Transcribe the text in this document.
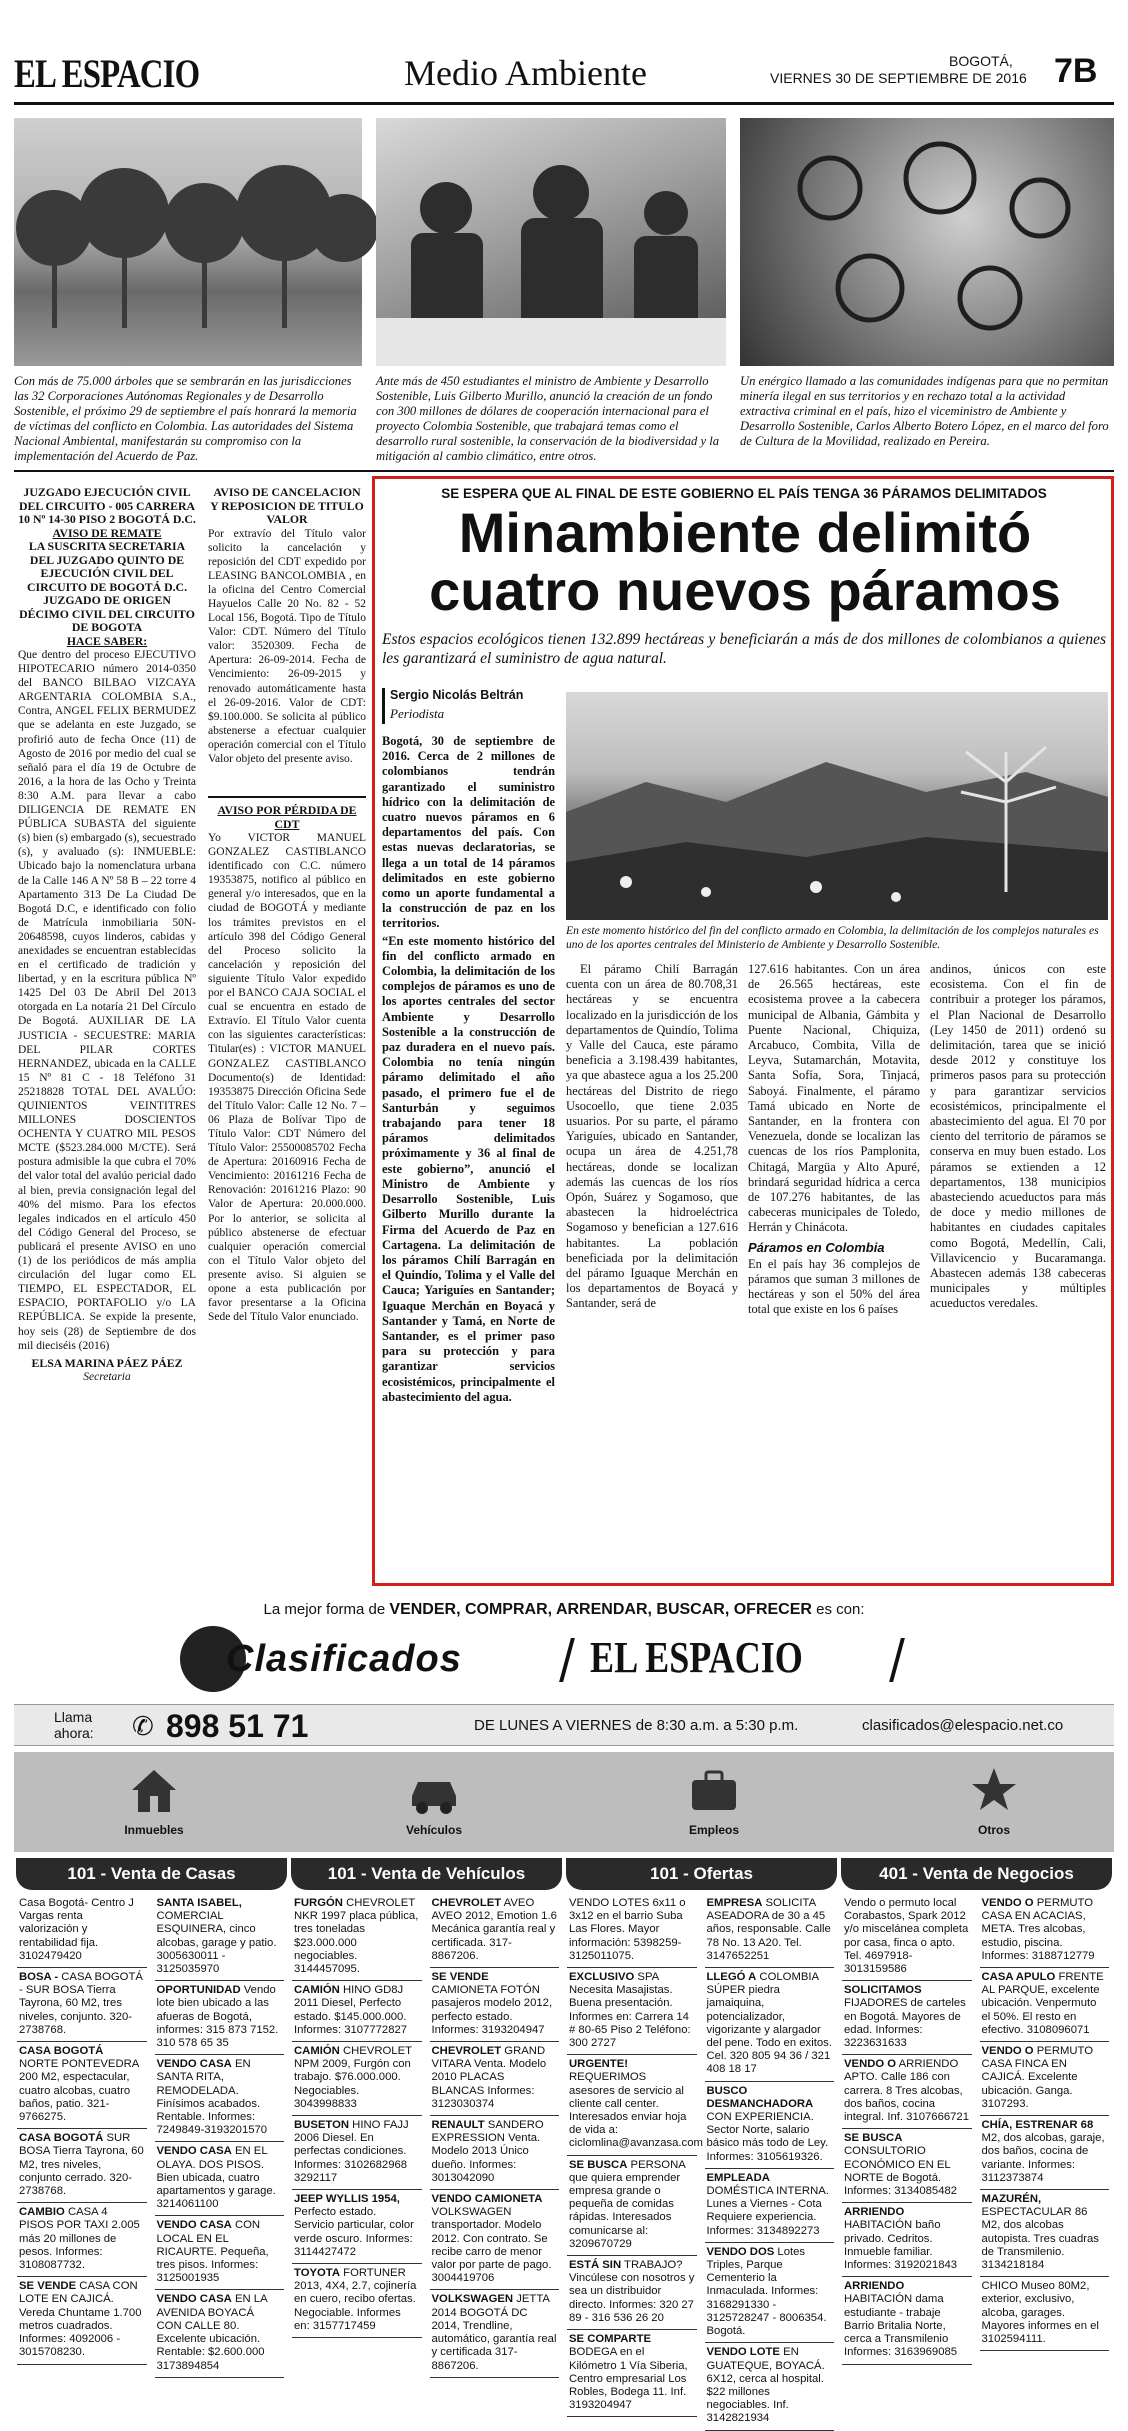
EL ESPACIO	Medio Ambiente	BOGOTÁ,
VIERNES 30 DE SEPTIEMBRE DE 2016 7B
Con más de 75.000 árboles que se sembrarán en las jurisdicciones las 32 Corporaciones Autónomas Regionales y de Desarrollo Sostenible, el próximo 29 de septiembre el país honrará la memoria de víctimas del conflicto en Colombia. Las autoridades del Sistema Nacional Ambiental, manifestarán su compromiso con la implementación del Acuerdo de Paz.
Ante más de 450 estudiantes el ministro de Ambiente y Desarrollo Sostenible, Luis Gilberto Murillo, anunció la creación de un fondo con 300 millones de dólares de cooperación internacional para el proyecto Colombia Sostenible, que trabajará temas como el desarrollo rural sostenible, la conservación de la biodiversidad y la mitigación al cambio climático, entre otros.
Un enérgico llamado a las comunidades indígenas para que no permitan minería ilegal en sus territorios y en rechazo total a la actividad extractiva criminal en el país, hizo el viceministro de Ambiente y Desarrollo Sostenible, Carlos Alberto Botero López, en el marco del foro de Cultura de la Movilidad, realizado en Pereira.
JUZGADO EJECUCIÓN CIVIL DEL CIRCUITO - 005 CARRERA 10 Nº 14-30 PISO 2 BOGOTÁ D.C.
AVISO DE REMATE
LA SUSCRITA SECRETARIA DEL JUZGADO QUINTO DE EJECUCIÓN CIVIL DEL CIRCUITO DE BOGOTÁ D.C. JUZGADO DE ORIGEN DÉCIMO CIVIL DEL CIRCUITO DE BOGOTA
HACE SABER:

Que dentro del proceso EJECUTIVO HIPOTECARIO número 2014-0350 del BANCO BILBAO VIZCAYA ARGENTARIA COLOMBIA S.A., Contra, ANGEL FELIX BERMUDEZ que se adelanta en este Juzgado, se profirió auto de fecha Once (11) de Agosto de 2016 por medio del cual se señaló para el día 19 de Octubre de 2016, a la hora de las Ocho y Treinta 8:30 A.M. para llevar a cabo DILIGENCIA DE REMATE EN PÚBLICA SUBASTA del siguiente (s) bien (s) embargado (s), secuestrado (s), y avaluado (s): INMUEBLE: Ubicado bajo la nomenclatura urbana de la Calle 146 A Nº 58 B – 22 torre 4 Apartamento 313 De La Ciudad De Bogotá D.C, e identificado con folio de Matrícula inmobiliaria 50N-20648598, cuyos linderos, cabidas y anexidades se encuentran establecidas en el certificado de tradición y libertad, y en la escritura pública Nº 1425 Del 03 De Abril Del 2013 otorgada en La notaría 21 Del Círculo De Bogotá. AUXILIAR DE LA JUSTICIA - SECUESTRE: MARIA DEL PILAR CORTES HERNANDEZ, ubicada en la CALLE 15 Nº 81 C - 18 Teléfono 31 25218828 TOTAL DEL AVALÚO: QUINIENTOS VEINTITRES MILLONES DOSCIENTOS OCHENTA Y CUATRO MIL PESOS MCTE ($523.284.000 M/CTE). Será postura admisible la que cubra el 70% del valor total del avalúo pericial dado al bien, previa consignación legal del 40% del mismo. Para los efectos legales indicados en el artículo 450 del Código General del Proceso, se publicará el presente AVISO en uno (1) de los periódicos de más amplia circulación del lugar como EL TIEMPO, EL ESPECTADOR, EL ESPACIO, PORTAFOLIO y/o LA REPÚBLICA. Se expide la presente, hoy seis (28) de Septiembre de dos mil dieciséis (2016)

ELSA MARINA PÁEZ PÁEZ

Secretaria

AVISO DE CANCELACION Y REPOSICION DE TITULO VALOR

Por extravío del Título valor solicito la cancelación y reposición del CDT expedido por LEASING BANCOLOMBIA , en la oficina del Centro Comercial Hayuelos Calle 20 No. 82 - 52 Local 156, Bogotá. Tipo de Título Valor: CDT. Número del Título valor: 3520309. Fecha de Apertura: 26-09-2014. Fecha de Vencimiento: 26-09-2015 y renovado automáticamente hasta el 26-09-2016. Valor de CDT: $9.100.000. Se solicita al público abstenerse a efectuar cualquier operación comercial con el Título Valor objeto del presente aviso.

AVISO POR PÉRDIDA DE CDT

Yo VICTOR MANUEL GONZALEZ CASTIBLANCO identificado con C.C. número 19353875, notifico al público en general y/o interesados, que en la ciudad de BOGOTÁ y mediante los trámites previstos en el artículo 398 del Código General del Proceso solicito la cancelación y reposición del siguiente Título Valor expedido por el BANCO CAJA SOCIAL el cual se encuentra en estado de Extravío. El Título Valor cuenta con las siguientes características: Titular(es) : VICTOR MANUEL GONZALEZ CASTIBLANCO Documento(s) de Identidad: 19353875 Dirección Oficina Sede del Título Valor: Calle 12 No. 7 – 06 Plaza de Bolívar Tipo de Título Valor: CDT Número del Título Valor: 25500085702 Fecha de Apertura: 20160916 Fecha de Vencimiento: 20161216 Fecha de Renovación: 20161216 Plazo: 90 Valor de Apertura: 20.000.000. Por lo anterior, se solicita al público abstenerse de efectuar cualquier operación comercial con el Título Valor objeto del presente aviso. Si alguien se opone a esta publicación por favor presentarse a la Oficina Sede del Título Valor enunciado.

SE ESPERA QUE AL FINAL DE ESTE GOBIERNO EL PAÍS TENGA 36 PÁRAMOS DELIMITADOS
Minambiente delimitó
cuatro nuevos páramos
Estos espacios ecológicos tienen 132.899 hectáreas y beneficiarán a más de dos millones de colombianos a quienes les garantizará el suministro de agua natural.
Sergio Nicolás Beltrán
Periodista

Bogotá, 30 de septiembre de 2016. Cerca de 2 millones de colombianos tendrán garantizado el suministro hídrico con la delimitación de cuatro nuevos páramos en 6 departamentos del país. Con estas nuevas declaratorias, se llega a un total de 14 páramos delimitados en este gobierno como un aporte fundamental a la construcción de paz en los territorios.

“En este momento histórico del fin del conflicto armado en Colombia, la delimitación de los complejos de páramos es uno de los aportes centrales del sector Ambiente y Desarrollo Sostenible a la construcción de paz duradera en el nuevo país. Colombia no tenía ningún páramo delimitado el año pasado, el primero fue el de Santurbán y seguimos trabajando para tener 18 páramos delimitados próximamente y 36 al final de este gobierno”, anunció el Ministro de Ambiente y Desarrollo Sostenible, Luis Gilberto Murillo durante la Firma del Acuerdo de Paz en Cartagena. La delimitación de los páramos Chilí Barragán en el Quindío, Tolima y el Valle del Cauca; Yariguíes en Santander; Iguaque Merchán en Boyacá y Santander y Tamá, en Norte de Santander, es el primer paso para su protección y para garantizar servicios ecosistémicos, principalmente el abastecimiento del agua.

En este momento histórico del fin del conflicto armado en Colombia, la delimitación de los complejos naturales es uno de los aportes centrales del Ministerio de Ambiente y Desarrollo Sostenible.

El páramo Chilí Barragán cuenta con un área de 80.708,31 hectáreas y se encuentra localizado en la jurisdicción de los departamentos de Quindío, Tolima y Valle del Cauca, este páramo beneficia a 3.198.439 habitantes, ya que abastece agua a los 25.200 hectáreas del Distrito de riego Usocoello, que tiene 2.035 usuarios. Por su parte, el páramo Yariguíes, ubicado en Santander, ocupa un área de 4.251,78 hectáreas, donde se localizan además las cuencas de los ríos Opón, Suárez y Sogamoso, que abastecen la hidroeléctrica Sogamoso y benefician a 127.616 habitantes. La población beneficiada por la delimitación del páramo Iguaque Merchán en los departamentos de Boyacá y Santander, será de

127.616 habitantes. Con un área de 26.565 hectáreas, este ecosistema provee a la cabecera municipal de Albania, Gámbita y Puente Nacional, Chiquiza, Arcabuco, Combita, Villa de Leyva, Sutamarchán, Motavita, Santa Sofía, Sora, Tinjacá, Saboyá. Finalmente, el páramo Tamá ubicado en Norte de Santander, en la frontera con Venezuela, donde se localizan las cuencas de los ríos Pamplonita, Chitagá, Margüa y Alto Apuré, brindará seguridad hídrica a cerca de 107.276 habitantes, de las cabeceras municipales de Toledo, Herrán y Chinácota.

Páramos en Colombia

En el país hay 36 complejos de páramos que suman 3 millones de hectáreas y son el 50% del área total que existe en los 6 países

andinos, únicos con este ecosistema. Con el fin de contribuir a proteger los páramos, el Plan Nacional de Desarrollo (Ley 1450 de 2011) ordenó su delimitación, tarea que se inició desde 2012 y constituye los primeros pasos para su protección y para garantizar servicios ecosistémicos, principalmente el abastecimiento del agua. El 70 por ciento del territorio de páramos se conserva en muy buen estado. Los páramos se extienden a 12 departamentos, 138 municipios abasteciendo acueductos para más de doce y medio millones de habitantes en ciudades capitales como Bogotá, Medellín, Cali, Villavicencio y Bucaramanga. Abastecen además 138 cabeceras municipales y múltiples acueductos veredales.

La mejor forma de VENDER, COMPRAR, ARRENDAR, BUSCAR, OFRECER es con:
Clasificados	EL ESPACIO
Llama ahora:	✆ 898 51 71	DE LUNES A VIERNES de 8:30 a.m. a 5:30 p.m.	clasificados@elespacio.net.co
Inmuebles	Vehículos	Empleos	Otros
101 - Venta de Casas	101 - Venta de Vehículos	101 - Ofertas	401 - Venta de Negocios
Casa Bogotá- Centro J Vargas renta valorización y rentabilidad fija. 3102479420
BOSA - CASA BOGOTÁ - SUR BOSA Tierra Tayrona, 60 M2, tres niveles, conjunto. 320-2738768.
CASA BOGOTÁ NORTE PONTEVEDRA 200 M2, espectacular, cuatro alcobas, cuatro baños, patio. 321-9766275.
CASA BOGOTÁ SUR BOSA Tierra Tayrona, 60 M2, tres niveles, conjunto cerrado. 320-2738768.
CAMBIO CASA 4 PISOS POR TAXI 2.005 más 20 millones de pesos. Informes: 3108087732.
SE VENDE CASA CON LOTE EN CAJICÁ. Vereda Chuntame 1.700 metros cuadrados. Informes: 4092006 - 3015708230.
SANTA ISABEL, COMERCIAL ESQUINERA, cinco alcobas, garage y patio. 3005630011 - 3125035970
OPORTUNIDAD Vendo lote bien ubicado a las afueras de Bogotá, informes: 315 873 7152. 310 578 65 35
VENDO CASA EN SANTA RITA, REMODELADA. Finísimos acabados. Rentable. Informes: 7249849-3193201570
VENDO CASA EN EL OLAYA. DOS PISOS. Bien ubicada, cuatro apartamentos y garage. 3214061100
VENDO CASA CON LOCAL EN EL RICAURTE. Pequeña, tres pisos. Informes: 3125001935
VENDO CASA EN LA AVENIDA BOYACÁ CON CALLE 80. Excelente ubicación. Rentable: $2.600.000 3173894854
FURGÓN CHEVROLET NKR 1997 placa pública, tres toneladas $23.000.000 negociables. 3144457095.
CAMIÓN HINO GD8J 2011 Diesel, Perfecto estado. $145.000.000. Informes: 3107772827
CAMIÓN CHEVROLET NPM 2009, Furgón con trabajo. $76.000.000. Negociables. 3043998833
BUSETON HINO FAJJ 2006 Diesel. En perfectas condiciones. Informes: 3102682968 3292117
JEEP WYLLIS 1954, Perfecto estado. Servicio particular, color verde oscuro. Informes: 3114427472
TOYOTA FORTUNER 2013, 4X4, 2.7, cojinería en cuero, recibo ofertas. Negociable. Informes en: 3157717459
CHEVROLET AVEO AVEO 2012, Emotion 1.6 Mecánica garantía real y certificada. 317-8867206.
SE VENDE CAMIONETA FOTÓN pasajeros modelo 2012, perfecto estado. Informes: 3193204947
CHEVROLET GRAND VITARA Venta. Modelo 2010 PLACAS BLANCAS Informes: 3123030374
RENAULT SANDERO EXPRESSION Venta. Modelo 2013 Único dueño. Informes: 3013042090
VENDO CAMIONETA VOLKSWAGEN transportador. Modelo 2012. Con contrato. Se recibe carro de menor valor por parte de pago. 3004419706
VOLKSWAGEN JETTA 2014 BOGOTÁ DC 2014, Trendline, automático, garantía real y certificada 317-8867206.
VENDO LOTES 6x11 o 3x12 en el barrio Suba Las Flores. Mayor información: 5398259-3125011075.
EXCLUSIVO SPA Necesita Masajistas. Buena presentación. Informes en: Carrera 14 # 80-65 Piso 2 Teléfono: 300 2727
URGENTE! REQUERIMOS asesores de servicio al cliente call center. Interesados enviar hoja de vida a: ciclomlina@avanzasa.com
SE BUSCA PERSONA que quiera emprender empresa grande o pequeña de comidas rápidas. Interesados comunicarse al: 3209670729
ESTÁ SIN TRABAJO? Vincúlese con nosotros y sea un distribuidor directo. Informes: 320 27 89 - 316 536 26 20
SE COMPARTE BODEGA en el Kilómetro 1 Vía Siberia, Centro empresarial Los Robles, Bodega 11. Inf. 3193204947
EMPRESA SOLICITA ASEADORA de 30 a 45 años, responsable. Calle 78 No. 13 A20. Tel. 3147652251
LLEGÓ A COLOMBIA SÚPER piedra jamaiquina, potencializador, vigorizante y alargador del pene. Todo en exitos. Cel. 320 805 94 36 / 321 408 18 17
BUSCO DESMANCHADORA CON EXPERIENCIA. Sector Norte, salario básico más todo de Ley. Informes: 3105619326.
EMPLEADA DOMÉSTICA INTERNA. Lunes a Viernes - Cota Requiere experiencia. Informes: 3134892273
VENDO DOS Lotes Triples, Parque Cementerio la Inmaculada. Informes: 3168291330 - 3125728247 - 8006354. Bogotá.
VENDO LOTE EN GUATEQUE, BOYACÁ. 6X12, cerca al hospital. $22 millones negociables. Inf. 3142821934
Vendo o permuto local Corabastos, Spark 2012 y/o miscelánea completa por casa, finca o apto. Tel. 4697918- 3013159586
SOLICITAMOS FIJADORES de carteles en Bogotá. Mayores de edad. Informes: 3223631633
VENDO O ARRIENDO APTO. Calle 186 con carrera. 8 Tres alcobas, dos baños, cocina integral. Inf. 3107666721
SE BUSCA CONSULTORIO ECONÓMICO EN EL NORTE de Bogotá. Informes: 3134085482
ARRIENDO HABITACIÓN baño privado. Cedritos. Inmueble familiar. Informes: 3192021843
ARRIENDO HABITACIÓN dama estudiante - trabaje Barrio Britalia Norte, cerca a Transmilenio Informes: 3163969085
VENDO O PERMUTO CASA EN ACACIAS, META. Tres alcobas, estudio, piscina. Informes: 3188712779
CASA APULO FRENTE AL PARQUE, excelente ubicación. Venpermuto el 50%. El resto en efectivo. 3108096071
VENDO O PERMUTO CASA FINCA EN CAJICÁ. Excelente ubicación. Ganga. 3107293.
CHÍA, ESTRENAR 68 M2, dos alcobas, garaje, dos baños, cocina de variante. Informes: 3112373874
MAZURÉN, ESPECTACULAR 86 M2, dos alcobas autopista. Tres cuadras de Transmilenio. 3134218184
CHICO Museo 80M2, exterior, exclusivo, alcoba, garages. Mayores informes en el 3102594111.
